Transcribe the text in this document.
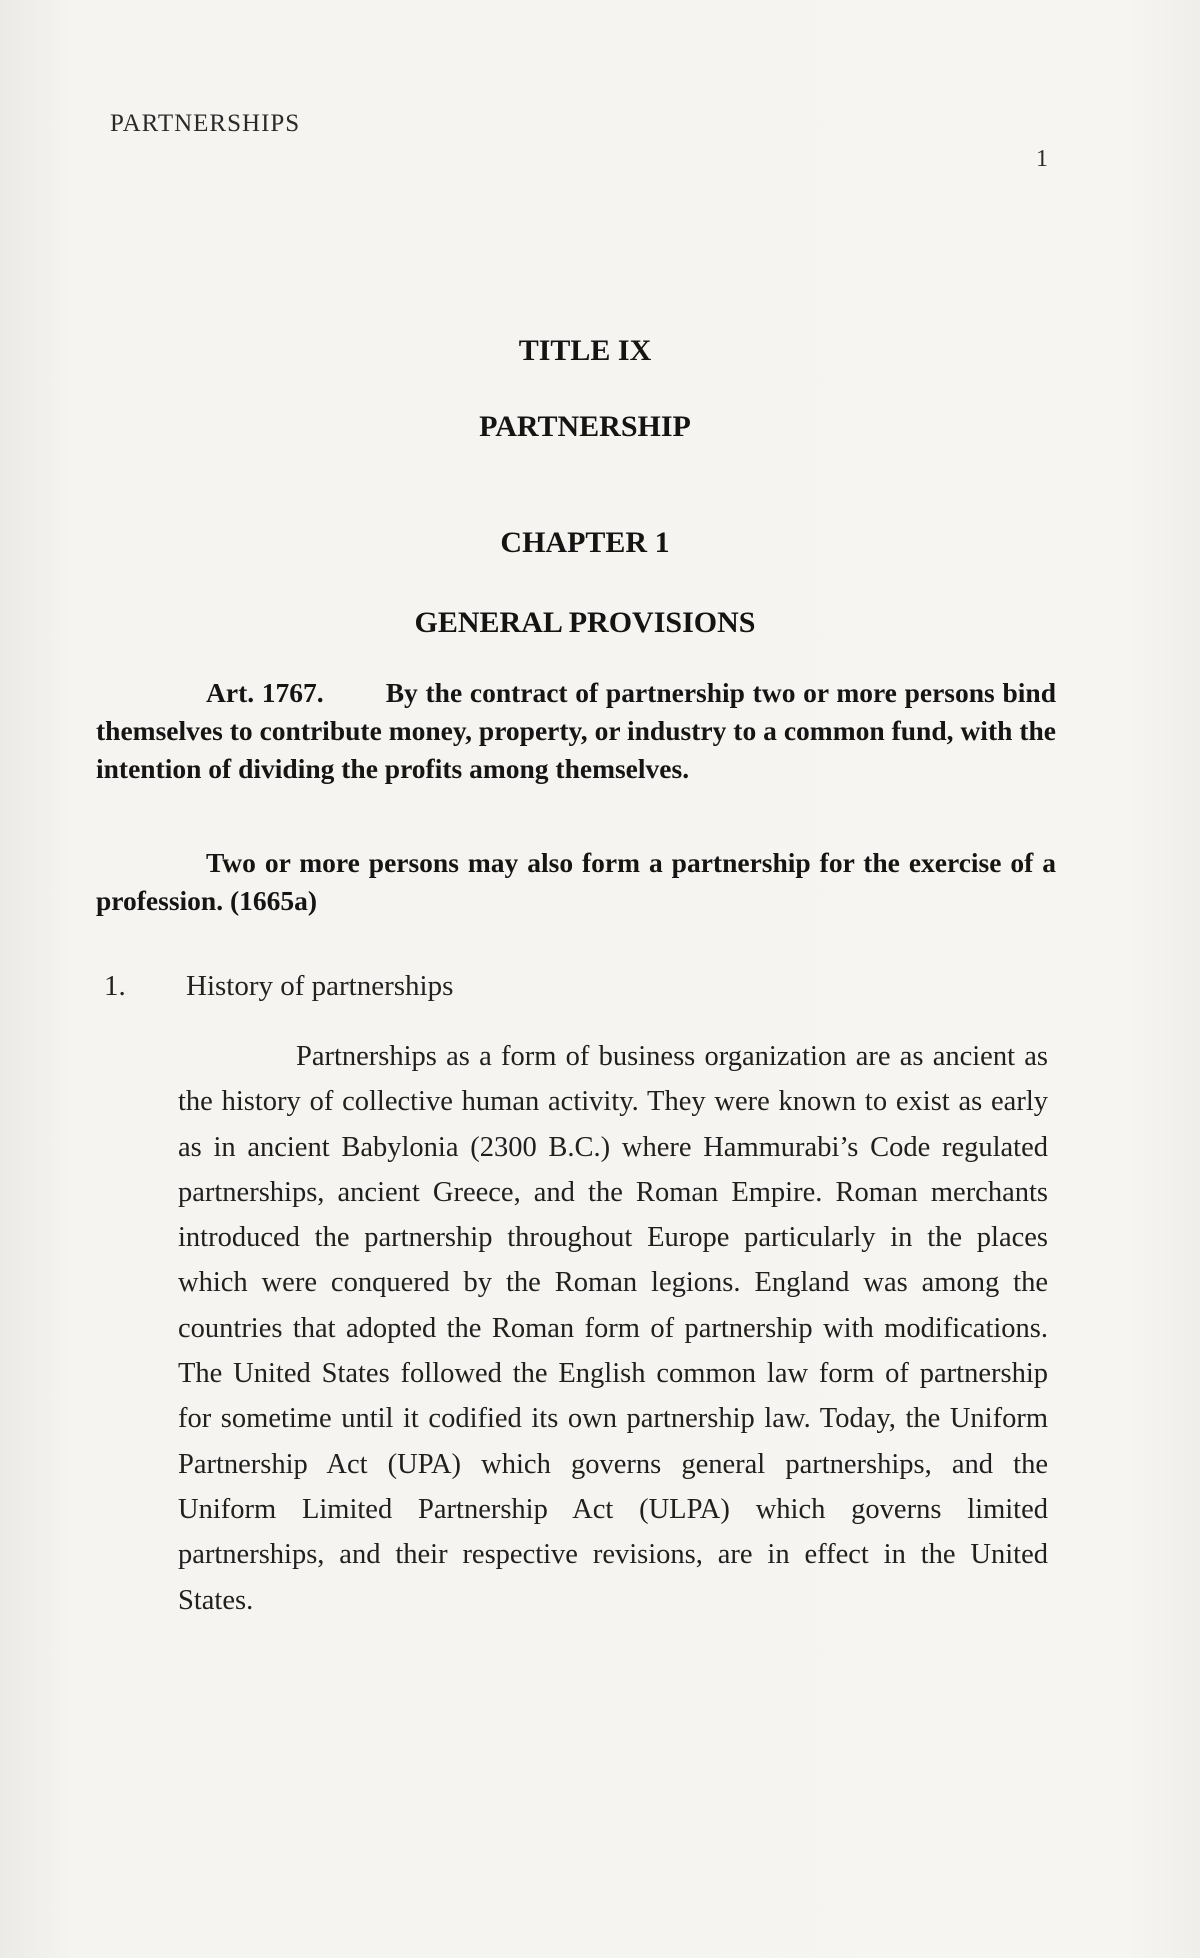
PARTNERSHIPS
1
TITLE IX
PARTNERSHIP
CHAPTER 1
GENERAL PROVISIONS
Art. 1767. By the contract of partnership two or more persons bind themselves to contribute money, property, or industry to a common fund, with the intention of dividing the profits among themselves.
Two or more persons may also form a partnership for the exercise of a profession. (1665a)
1. History of partnerships
Partnerships as a form of business organization are as ancient as the history of collective human activity. They were known to exist as early as in ancient Babylonia (2300 B.C.) where Hammurabi’s Code regulated partnerships, ancient Greece, and the Roman Empire. Roman merchants introduced the partnership throughout Europe particularly in the places which were conquered by the Roman legions. England was among the countries that adopted the Roman form of partnership with modifications. The United States followed the English common law form of partnership for sometime until it codified its own partnership law. Today, the Uniform Partnership Act (UPA) which governs general partnerships, and the Uniform Limited Partnership Act (ULPA) which governs limited partnerships, and their respective revisions, are in effect in the United States.
